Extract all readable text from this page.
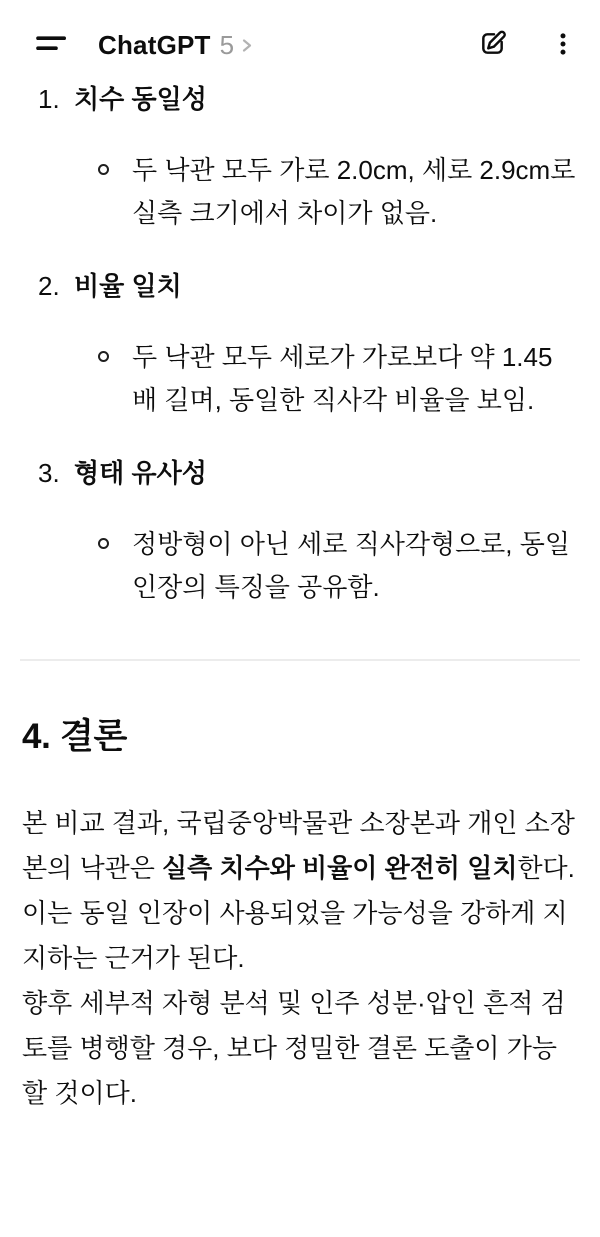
ChatGPT 5
1. 치수 동일성
두 낙관 모두 가로 2.0cm, 세로 2.9cm로 실측 크기에서 차이가 없음.
2. 비율 일치
두 낙관 모두 세로가 가로보다 약 1.45배 길며, 동일한 직사각 비율을 보임.
3. 형태 유사성
정방형이 아닌 세로 직사각형으로, 동일 인장의 특징을 공유함.
4. 결론
본 비교 결과, 국립중앙박물관 소장본과 개인 소장본의 낙관은 실측 치수와 비율이 완전히 일치한다.
이는 동일 인장이 사용되었을 가능성을 강하게 지지하는 근거가 된다.
향후 세부적 자형 분석 및 인주 성분·압인 흔적 검토를 병행할 경우, 보다 정밀한 결론 도출이 가능할 것이다.
